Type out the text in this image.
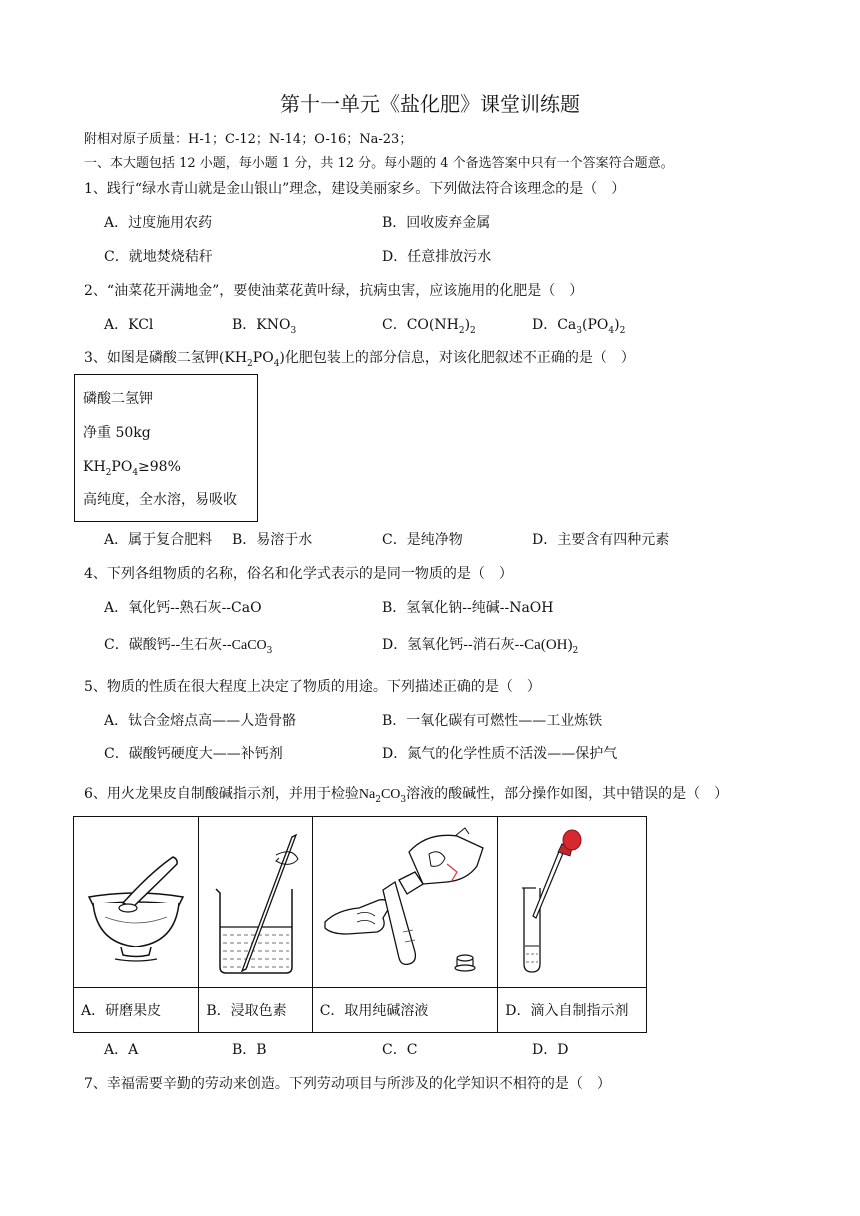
第十一单元《盐化肥》课堂训练题
附相对原子质量：H-1；C-12；N-14；O-16；Na-23；
一、本大题包括 12 小题，每小题 1 分，共 12 分。每小题的 4 个备选答案中只有一个答案符合题意。
1、践行“绿水青山就是金山银山”理念，建设美丽家乡。下列做法符合该理念的是（　）
A．过度施用农药	B．回收废弃金属
C．就地焚烧秸秆	D．任意排放污水
2、“油菜花开满地金”，要使油菜花黄叶绿，抗病虫害，应该施用的化肥是（　）
A．KCl	B．$KNO_3$	C．$CO(NH_2)_2$	D．$Ca_3(PO_4)_2$
3、如图是磷酸二氢钾$(KH_2PO_4)$化肥包装上的部分信息，对该化肥叙述不正确的是（　）
磷酸二氢钾
净重 50kg
$KH_2PO_4\ge 98\%$
高纯度，全水溶，易吸收
A．属于复合肥料 B．易溶于水	C．是纯净物	D．主要含有四种元素
4、下列各组物质的名称，俗名和化学式表示的是同一物质的是（　）
A．氧化钙--熟石灰--CaO	B．氢氧化钠--纯碱--NaOH
C．碳酸钙--生石灰--CaCO$_3$	D．氢氧化钙--消石灰$--Ca(OH)_2$
5、物质的性质在很大程度上决定了物质的用途。下列描述正确的是（　）
A．钛合金熔点高——人造骨骼	B．一氧化碳有可燃性——工业炼铁
C．碳酸钙硬度大——补钙剂	D．氮气的化学性质不活泼——保护气
6、用火龙果皮自制酸碱指示剂，并用于检验$Na_2CO_3$溶液的酸碱性，部分操作如图，其中错误的是（　）

A．研磨果皮	B．浸取色素	C．取用纯碱溶液	D．滴入自制指示剂
A．A	B．B	C．C	D．D
7、幸福需要辛勤的劳动来创造。下列劳动项目与所涉及的化学知识不相符的是（　）
